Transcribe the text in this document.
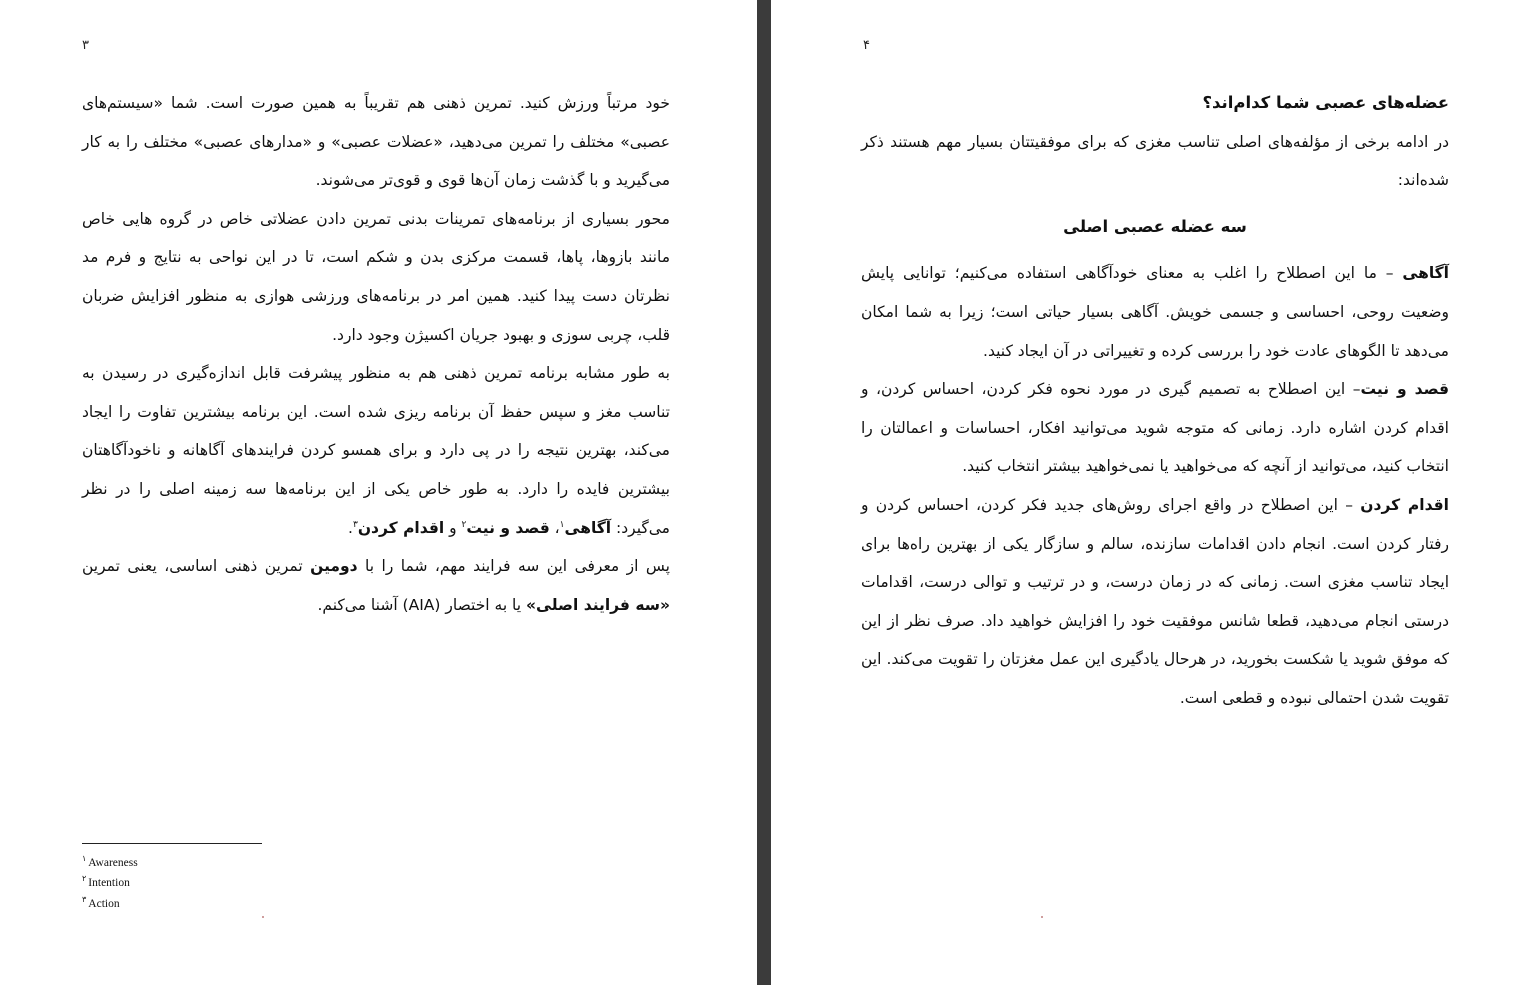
۳

خود مرتباً ورزش کنید. تمرین ذهنی هم تقریباً به همین صورت است. شما «سیستم‌های عصبی» مختلف را تمرین می‌دهید، «عضلات عصبی» و «مدارهای عصبی» مختلف را به کار می‌گیرید و با گذشت زمان آن‌ها قوی و قوی‌تر می‌شوند.

محور بسیاری از برنامه‌های تمرینات بدنی تمرین دادن عضلاتی خاص در گروه هایی خاص مانند بازوها، پاها، قسمت مرکزی بدن و شکم است، تا در این نواحی به نتایج و فرم مد نظرتان دست پیدا کنید. همین امر در برنامه‌های ورزشی هوازی به منظور افزایش ضربان قلب، چربی سوزی و بهبود جریان اکسیژن وجود دارد.

به طور مشابه برنامه تمرین ذهنی هم به منظور پیشرفت قابل اندازه‌گیری در رسیدن به تناسب مغز و سپس حفظ آن برنامه ریزی شده است. این برنامه بیشترین تفاوت را ایجاد می‌کند، بهترین نتیجه را در پی دارد و برای همسو کردن فرایندهای آگاهانه و ناخودآگاهتان بیشترین فایده را دارد. به طور خاص یکی از این برنامه‌ها سه زمینه اصلی را در نظر می‌گیرد: آگاهی$^۱$، قصد و نیت$^۲$ و اقدام کردن$^۳$.

پس از معرفی این سه فرایند مهم، شما را با دومین تمرین ذهنی اساسی، یعنی تمرین «سه فرایند اصلی» یا به اختصار (AIA) آشنا می‌کنم.

$^۱$ Awareness
$^۲$ Intention
$^۳$ Action
۴

عضله‌های عصبی شما کدام‌اند؟

در ادامه برخی از مؤلفه‌های اصلی تناسب مغزی که برای موفقیتتان بسیار مهم هستند ذکر شده‌اند:

سه عضله عصبی اصلی

آگاهی – ما این اصطلاح را اغلب به معنای خودآگاهی استفاده می‌کنیم؛ توانایی پایش وضعیت روحی، احساسی و جسمی خویش. آگاهی بسیار حیاتی است؛ زیرا به شما امکان می‌دهد تا الگوهای عادت خود را بررسی کرده و تغییراتی در آن ایجاد کنید.

قصد و نیت– این اصطلاح به تصمیم گیری در مورد نحوه فکر کردن، احساس کردن، و اقدام کردن اشاره دارد. زمانی که متوجه شوید می‌توانید افکار، احساسات و اعمالتان را انتخاب کنید، می‌توانید از آنچه که می‌خواهید یا نمی‌خواهید بیشتر انتخاب کنید.

اقدام کردن – این اصطلاح در واقع اجرای روش‌های جدید فکر کردن، احساس کردن و رفتار کردن است. انجام دادن اقدامات سازنده، سالم و سازگار یکی از بهترین راه‌ها برای ایجاد تناسب مغزی است. زمانی که در زمان درست، و در ترتیب و توالی درست، اقدامات درستی انجام می‌دهید، قطعا شانس موفقیت خود را افزایش خواهید داد. صرف نظر از این که موفق شوید یا شکست بخورید، در هرحال یادگیری این عمل مغزتان را تقویت می‌کند. این تقویت شدن احتمالی نبوده و قطعی است.
